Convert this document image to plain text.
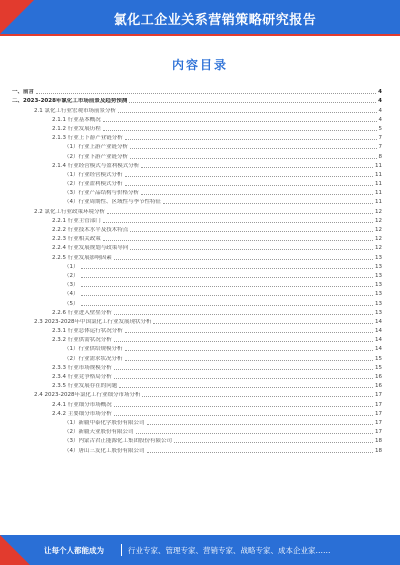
氯化工企业关系营销策略研究报告
内容目录
一、前言	4
二、2023-2028年氯化工市场前景及趋势预测	4
2.1 氯化工行业宏观市场前景分析	4
2.1.1 行业基本概况	4
2.1.2 行业发展历程	5
2.1.3 行业上下游产业链分析	7
（1）行业上游产业链分析	7
（2）行业下游产业链分析	8
2.1.4 行业经营模式与盈利模式分析	11
（1）行业经营模式分析	11
（2）行业盈利模式分析	11
（3）行业产品结构与价格分析	11
（4）行业周期性、区域性与季节性特征	11
2.2 氯化工行业政策环境分析	12
2.2.1 行业主管部门	12
2.2.2 行业技术水平及技术特点	12
2.2.3 行业相关政策	12
2.2.4 行业发展规划与政策导向	12
2.2.5 行业发展影响因素	13
（1）	13
（2）	13
（3）	13
（4）	13
（5）	13
2.2.6 行业进入壁垒分析	13
2.3 2023-2028年中国氯化工行业发展现状分析	14
2.3.1 行业总体运行状况分析	14
2.3.2 行业供需状况分析	14
（1）行业供给规模分析	14
（2）行业需求状况分析	15
2.3.3 行业市场规模分析	15
2.3.4 行业竞争格局分析	16
2.3.5 行业发展存在的问题	16
2.4 2023-2028年氯化工行业细分市场分析	17
2.4.1 行业细分市场概况	17
2.4.2 主要细分市场分析	17
（1）新疆中泰化学股份有限公司	17
（2）新疆天业股份有限公司	17
（3）内蒙古君正能源化工集团股份有限公司	18
（4）唐山三友化工股份有限公司	18
让每个人都能成为	行业专家、管理专家、营销专家、战略专家、成本企业家……
